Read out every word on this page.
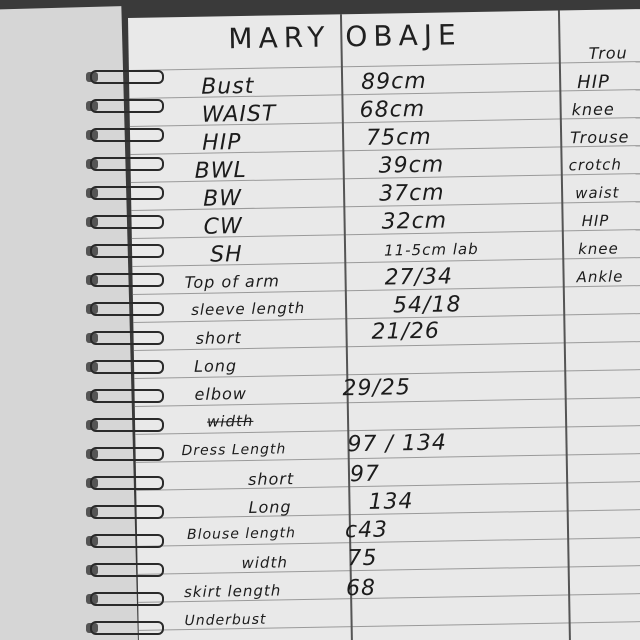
MARY OBAJE
Bust
WAIST
HIP
BWL
BW
CW
SH
Top of arm
sleeve length
short
Long
elbow
width
Dress Length
short
Long
Blouse length
width
skirt length
Underbust
89cm
68cm
75cm
39cm
37cm
32cm
11-5cm lab
27/34
54/18
21/26
29/25
97 / 134
97
134
c43
75
68
Trou
HIP
knee
Trouse
crotch
waist
HIP
knee
Ankle
